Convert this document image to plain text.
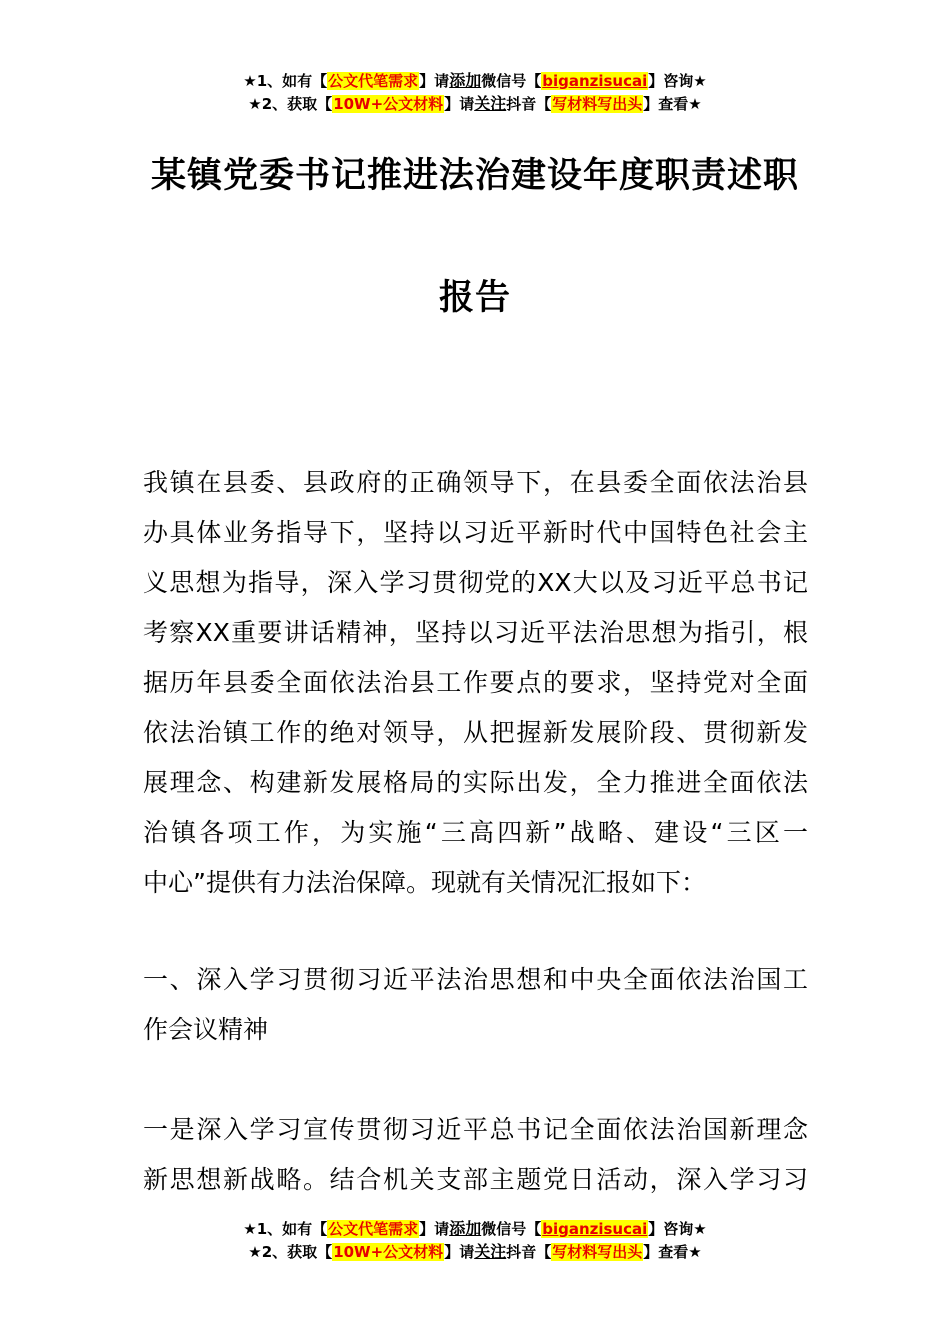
★1、如有【公文代笔需求】请添加微信号【biganzisucai】咨询★
★2、获取【10W+公文材料】请关注抖音【写材料写出头】查看★
某镇党委书记推进法治建设年度职责述职
报告
我镇在县委、县政府的正确领导下，在县委全面依法治县
办具体业务指导下，坚持以习近平新时代中国特色社会主
义思想为指导，深入学习贯彻党的XX大以及习近平总书记
考察XX重要讲话精神，坚持以习近平法治思想为指引，根
据历年县委全面依法治县工作要点的要求，坚持党对全面
依法治镇工作的绝对领导，从把握新发展阶段、贯彻新发
展理念、构建新发展格局的实际出发，全力推进全面依法
治镇各项工作，为实施“三高四新”战略、建设“三区一
中心”提供有力法治保障。现就有关情况汇报如下：
一、深入学习贯彻习近平法治思想和中央全面依法治国工
作会议精神
一是深入学习宣传贯彻习近平总书记全面依法治国新理念
新思想新战略。结合机关支部主题党日活动，深入学习习
★1、如有【公文代笔需求】请添加微信号【biganzisucai】咨询★
★2、获取【10W+公文材料】请关注抖音【写材料写出头】查看★
